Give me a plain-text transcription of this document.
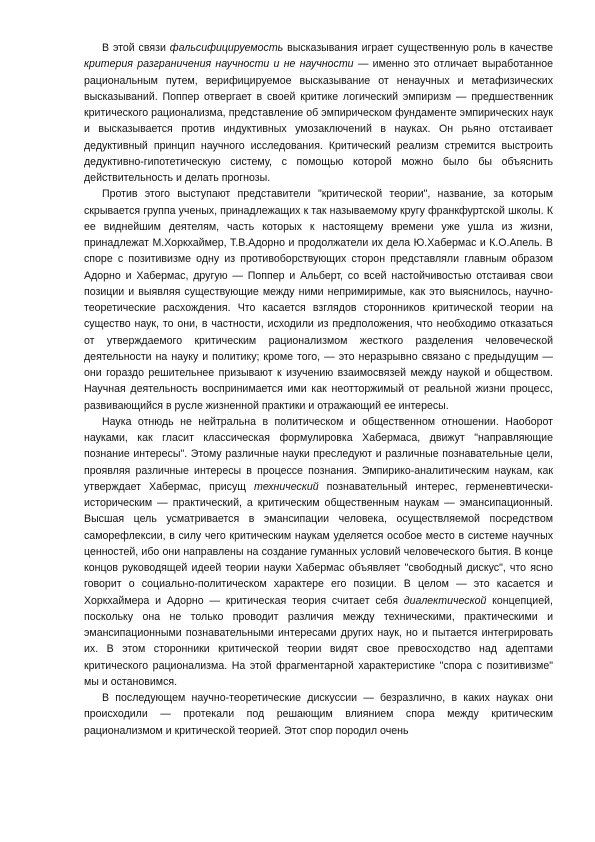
В этой связи фальсифицируемость высказывания играет существенную роль в качестве критерия разграничения научности и не научности — именно это отличает выработанное рациональным путем, верифицируемое высказывание от ненаучных и метафизических высказываний. Поппер отвергает в своей критике логический эмпиризм — предшественник критического рационализма, представление об эмпирическом фундаменте эмпирических наук и высказывается против индуктивных умозаключений в науках. Он рьяно отстаивает дедуктивный принцип научного исследования. Критический реализм стремится выстроить дедуктивно-гипотетическую систему, с помощью которой можно было бы объяснить действительность и делать прогнозы.

Против этого выступают представители "критической теории", название, за которым скрывается группа ученых, принадлежащих к так называемому кругу франкфуртской школы. К ее виднейшим деятелям, часть которых к настоящему времени уже ушла из жизни, принадлежат М.Хоркхаймер, Т.В.Адорно и продолжатели их дела Ю.Хабермас и К.О.Апель. В споре с позитивизме одну из противоборствующих сторон представляли главным образом Адорно и Хабермас, другую — Поппер и Альберт, со всей настойчивостью отстаивая свои позиции и выявляя существующие между ними непримиримые, как это выяснилось, научно-теоретические расхождения. Что касается взглядов сторонников критической теории на существо наук, то они, в частности, исходили из предположения, что необходимо отказаться от утверждаемого критическим рационализмом жесткого разделения человеческой деятельности на науку и политику; кроме того, — это неразрывно связано с предыдущим — они гораздо решительнее призывают к изучению взаимосвязей между наукой и обществом. Научная деятельность воспринимается ими как неотторжимый от реальной жизни процесс, развивающийся в русле жизненной практики и отражающий ее интересы.

Наука отнюдь не нейтральна в политическом и общественном отношении. Наоборот науками, как гласит классическая формулировка Хабермаса, движут "направляющие познание интересы". Этому различные науки преследуют и различные познавательные цели, проявляя различные интересы в процессе познания. Эмпирико-аналитическим наукам, как утверждает Хабермас, присущ технический познавательный интерес, герменевтически-историческим — практический, а критическим общественным наукам — эмансипационный. Высшая цель усматривается в эмансипации человека, осуществляемой посредством саморефлексии, в силу чего критическим наукам уделяется особое место в системе научных ценностей, ибо они направлены на создание гуманных условий человеческого бытия. В конце концов руководящей идеей теории науки Хабермас объявляет "свободный дискус", что ясно говорит о социально-политическом характере его позиции. В целом — это касается и Хоркхаймера и Адорно — критическая теория считает себя диалектической концепцией, поскольку она не только проводит различия между техническими, практическими и эмансипационными познавательными интересами других наук, но и пытается интегрировать их. В этом сторонники критической теории видят свое превосходство над адептами критического рационализма. На этой фрагментарной характеристике "спора с позитивизме" мы и остановимся.

В последующем научно-теоретические дискуссии — безразлично, в каких науках они происходили — протекали под решающим влиянием спора между критическим рационализмом и критической теорией. Этот спор породил очень
